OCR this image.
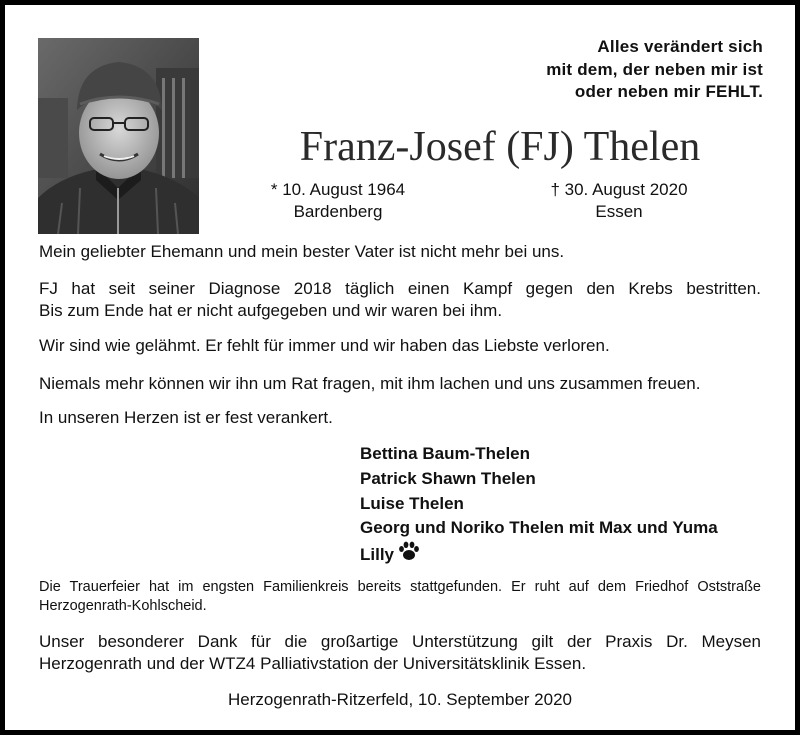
Alles verändert sich
mit dem, der neben mir ist
oder neben mir FEHLT.
Franz-Josef (FJ) Thelen
* 10. August 1964
Bardenberg
† 30. August 2020
Essen
Mein geliebter Ehemann und mein bester Vater ist nicht mehr bei uns.
FJ hat seit seiner Diagnose 2018 täglich einen Kampf gegen den Krebs bestritten.
Bis zum Ende hat er nicht aufgegeben und wir waren bei ihm.
Wir sind wie gelähmt. Er fehlt für immer und wir haben das Liebste verloren.
Niemals mehr können wir ihn um Rat fragen, mit ihm lachen und uns zusammen freuen.
In unseren Herzen ist er fest verankert.
Bettina Baum-Thelen
Patrick Shawn Thelen
Luise Thelen
Georg und Noriko Thelen mit Max und Yuma
Lilly
Die Trauerfeier hat im engsten Familienkreis bereits stattgefunden. Er ruht auf dem Friedhof Oststraße Herzogenrath-Kohlscheid.
Unser besonderer Dank für die großartige Unterstützung gilt der Praxis Dr. Meysen Herzogenrath und der WTZ4 Palliativstation der Universitätsklinik Essen.
Herzogenrath-Ritzerfeld, 10. September 2020
